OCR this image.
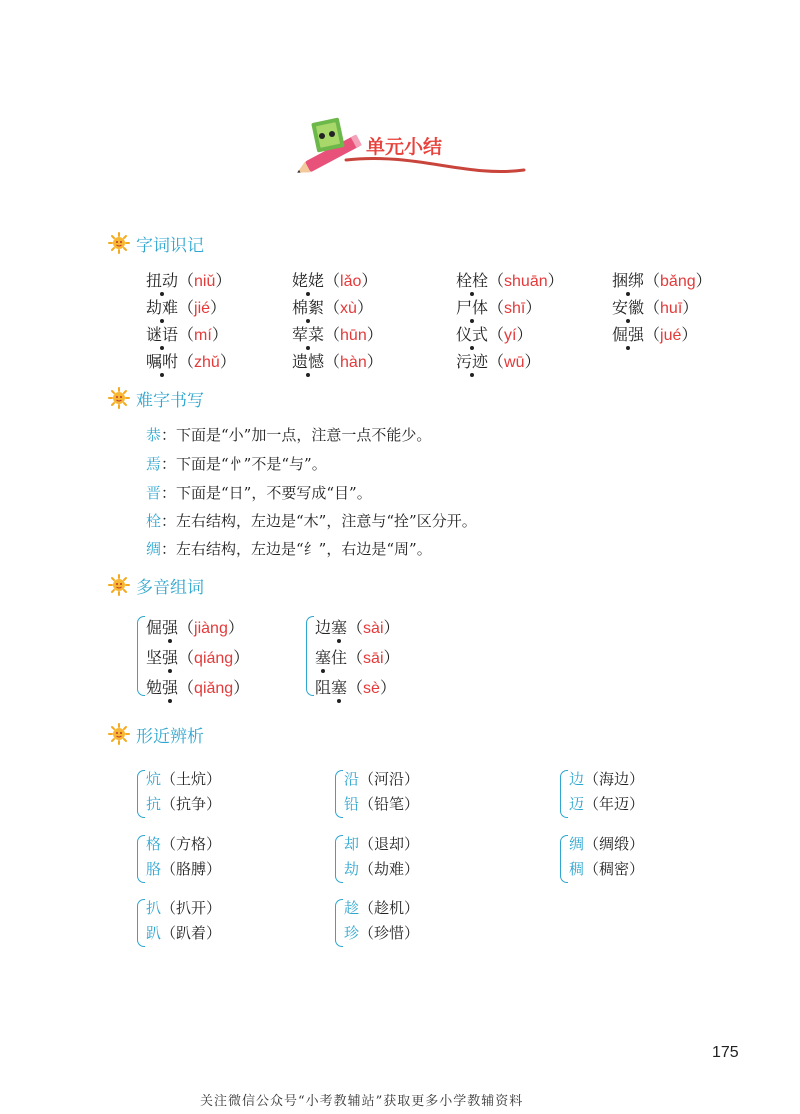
单元小结
字词识记
难字书写
多音组词
形近辨析
扭动（niǔ）	姥姥（lǎo）	栓栓（shuān）	捆绑（bǎng）
劫难（jié）	棉絮（xù）	尸体（shī）	安徽（huī）
谜语（mí）	荤菜（hūn）	仪式（yí）	倔强（jué）
嘱咐（zhǔ）	遗憾（hàn）	污迹（wū）
恭：下面是“小”加一点，注意一点不能少。
焉：下面是“㣺”不是“与”。
晋：下面是“日”，不要写成“目”。
栓：左右结构，左边是“木”，注意与“拴”区分开。
绸：左右结构，左边是“纟”，右边是“周”。
倔强（jiàng）
坚强（qiáng）
勉强（qiǎng）
边塞（sài）
塞住（sāi）
阻塞（sè）
炕（土炕）
抗（抗争）
沿（河沿）
铅（铅笔）
边（海边）
迈（年迈）
格（方格）
胳（胳膊）
却（退却）
劫（劫难）
绸（绸缎）
稠（稠密）
扒（扒开）
趴（趴着）
趁（趁机）
珍（珍惜）
175
关注微信公众号“小考教辅站”获取更多小学教辅资料
